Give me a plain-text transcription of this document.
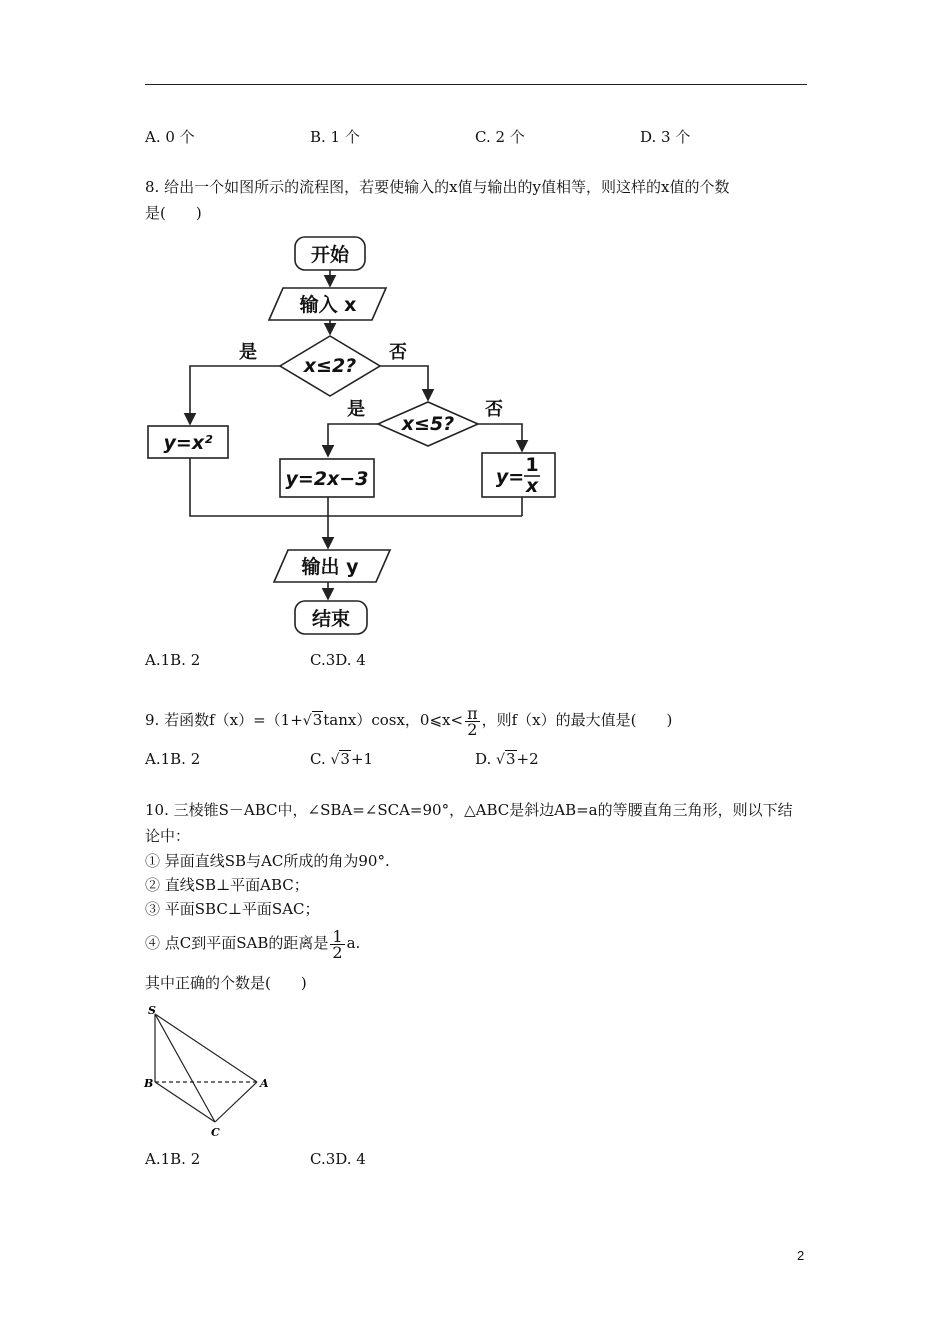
A. 0 个	B. 1 个	C. 2 个	D. 3 个
8. 给出一个如图所示的流程图，若要使输入的x值与输出的y值相等，则这样的x值的个数
是(　　)
开始
输入 x
x≤2?
是	否
y=x²
x≤5?
是	否
y=2x−3	y=
1
x
输出 y
结束
A.1B. 2	C.3D. 4
9. 若函数f（x）=（1+√3tanx）cosx，0⩽x< $\frac{\pi}{2}$ ，则f（x）的最大值是(　　)
A.1B. 2	C. √3+1	D. √3+2
10. 三棱锥S－ABC中，∠SBA=∠SCA=90°，△ABC是斜边AB=a的等腰直角三角形，则以下结
论中：
① 异面直线SB与AC所成的角为90°.
② 直线SB⊥平面ABC；
③ 平面SBC⊥平面SAC；
④ 点C到平面SAB的距离是 $\frac{1}{2} a$.
其中正确的个数是(　　)
S
B	A
C
A.1B. 2	C.3D. 4
2
